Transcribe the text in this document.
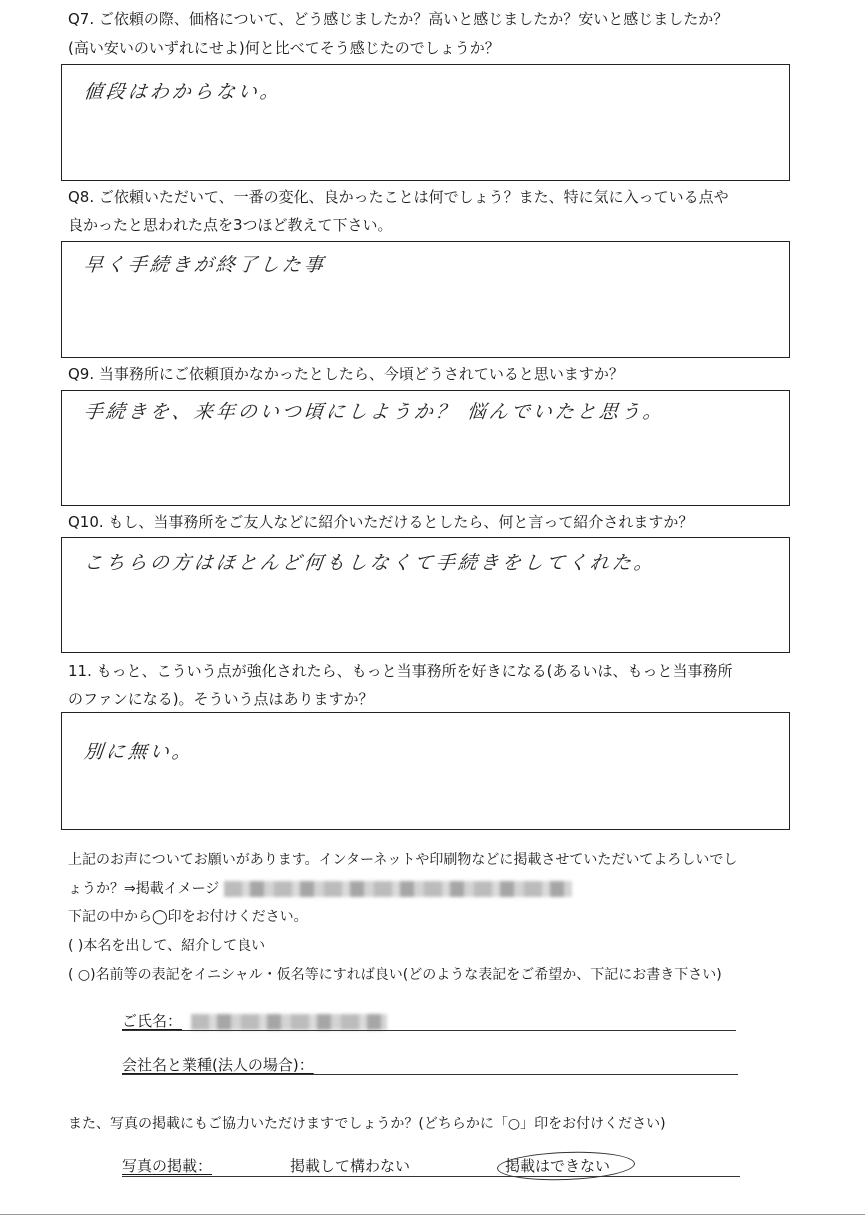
Q7. ご依頼の際、価格について、どう感じましたか？高いと感じましたか？安いと感じましたか？

(高い安いのいずれにせよ)何と比べてそう感じたのでしょうか？

値段はわからない。

Q8. ご依頼いただいて、一番の変化、良かったことは何でしょう？また、特に気に入っている点や

良かったと思われた点を3つほど教えて下さい。

早く手続きが終了した事

Q9. 当事務所にご依頼頂かなかったとしたら、今頃どうされていると思いますか？

手続きを、来年のいつ頃にしようか？ 悩んでいたと思う。

Q10. もし、当事務所をご友人などに紹介いただけるとしたら、何と言って紹介されますか？

こちらの方はほとんど何もしなくて手続きをしてくれた。

11. もっと、こういう点が強化されたら、もっと当事務所を好きになる(あるいは、もっと当事務所

のファンになる)。そういう点はありますか？

別に無い。
上記のお声についてお願いがあります。インターネットや印刷物などに掲載させていただいてよろしいでし
ょうか？⇒掲載イメージ
下記の中から◯印をお付けください。
( )本名を出して、紹介して良い
( ○)名前等の表記をイニシャル・仮名等にすれば良い(どのような表記をご希望か、下記にお書き下さい)
ご氏名：
会社名と業種(法人の場合)：
また、写真の掲載にもご協力いただけますでしょうか？(どちらかに「○」印をお付けください)
写真の掲載：	掲載して構わない	掲載はできない
